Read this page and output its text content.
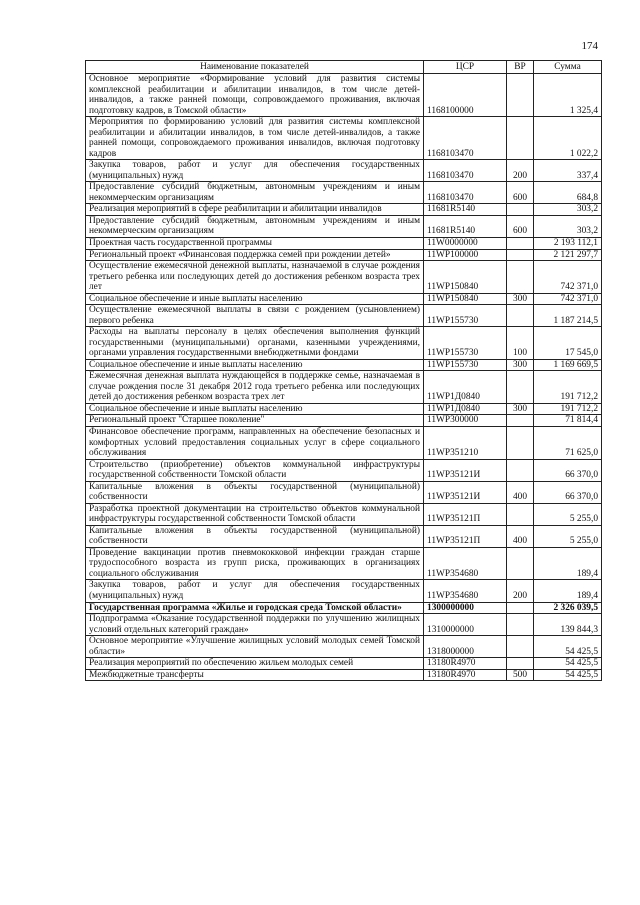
174
Наименование показателей	ЦСР	ВР	Сумма
Основное мероприятие «Формирование условий для развития системы комплексной реабилитации и абилитации инвалидов, в том числе детей-инвалидов, а также ранней помощи, сопровождаемого проживания, включая подготовку кадров, в Томской области»	1168100000		1 325,4
Мероприятия по формированию условий для развития системы комплексной реабилитации и абилитации инвалидов, в том числе детей-инвалидов, а также ранней помощи, сопровождаемого проживания инвалидов, включая подготовку кадров	1168103470		1 022,2
Закупка товаров, работ и услуг для обеспечения государственных (муниципальных) нужд	1168103470	200	337,4
Предоставление субсидий бюджетным, автономным учреждениям и иным некоммерческим организациям	1168103470	600	684,8
Реализация мероприятий в сфере реабилитации и абилитации инвалидов	11681R5140		303,2
Предоставление субсидий бюджетным, автономным учреждениям и иным некоммерческим организациям	11681R5140	600	303,2
Проектная часть государственной программы	11W0000000		2 193 112,1
Региональный проект «Финансовая поддержка семей при рождении детей»	11WP100000		2 121 297,7
Осуществление ежемесячной денежной выплаты, назначаемой в случае рождения третьего ребенка или последующих детей до достижения ребенком возраста трех лет	11WP150840		742 371,0
Социальное обеспечение и иные выплаты населению	11WP150840	300	742 371,0
Осуществление ежемесячной выплаты в связи с рождением (усыновлением) первого ребенка	11WP155730		1 187 214,5
Расходы на выплаты персоналу в целях обеспечения выполнения функций государственными (муниципальными) органами, казенными учреждениями, органами управления государственными внебюджетными фондами	11WP155730	100	17 545,0
Социальное обеспечение и иные выплаты населению	11WP155730	300	1 169 669,5
Ежемесячная денежная выплата нуждающейся в поддержке семье, назначаемая в случае рождения после 31 декабря 2012 года третьего ребенка или последующих детей до достижения ребенком возраста трех лет	11WP1Д0840		191 712,2
Социальное обеспечение и иные выплаты населению	11WP1Д0840	300	191 712,2
Региональный проект "Старшее поколение"	11WP300000		71 814,4
Финансовое обеспечение программ, направленных на обеспечение безопасных и комфортных условий предоставления социальных услуг в сфере социального обслуживания	11WP351210		71 625,0
Строительство (приобретение) объектов коммунальной инфраструктуры государственной собственности Томской области	11WP35121И		66 370,0
Капитальные вложения в объекты государственной (муниципальной) собственности	11WP35121И	400	66 370,0
Разработка проектной документации на строительство объектов коммунальной инфраструктуры государственной собственности Томской области	11WP35121П		5 255,0
Капитальные вложения в объекты государственной (муниципальной) собственности	11WP35121П	400	5 255,0
Проведение вакцинации против пневмококковой инфекции граждан старше трудоспособного возраста из групп риска, проживающих в организациях социального обслуживания	11WP354680		189,4
Закупка товаров, работ и услуг для обеспечения государственных (муниципальных) нужд	11WP354680	200	189,4
Государственная программа «Жилье и городская среда Томской области»	1300000000		2 326 039,5
Подпрограмма «Оказание государственной поддержки по улучшению жилищных условий отдельных категорий граждан»	1310000000		139 844,3
Основное мероприятие «Улучшение жилищных условий молодых семей Томской области»	1318000000		54 425,5
Реализация мероприятий по обеспечению жильем молодых семей	13180R4970		54 425,5
Межбюджетные трансферты	13180R4970	500	54 425,5
